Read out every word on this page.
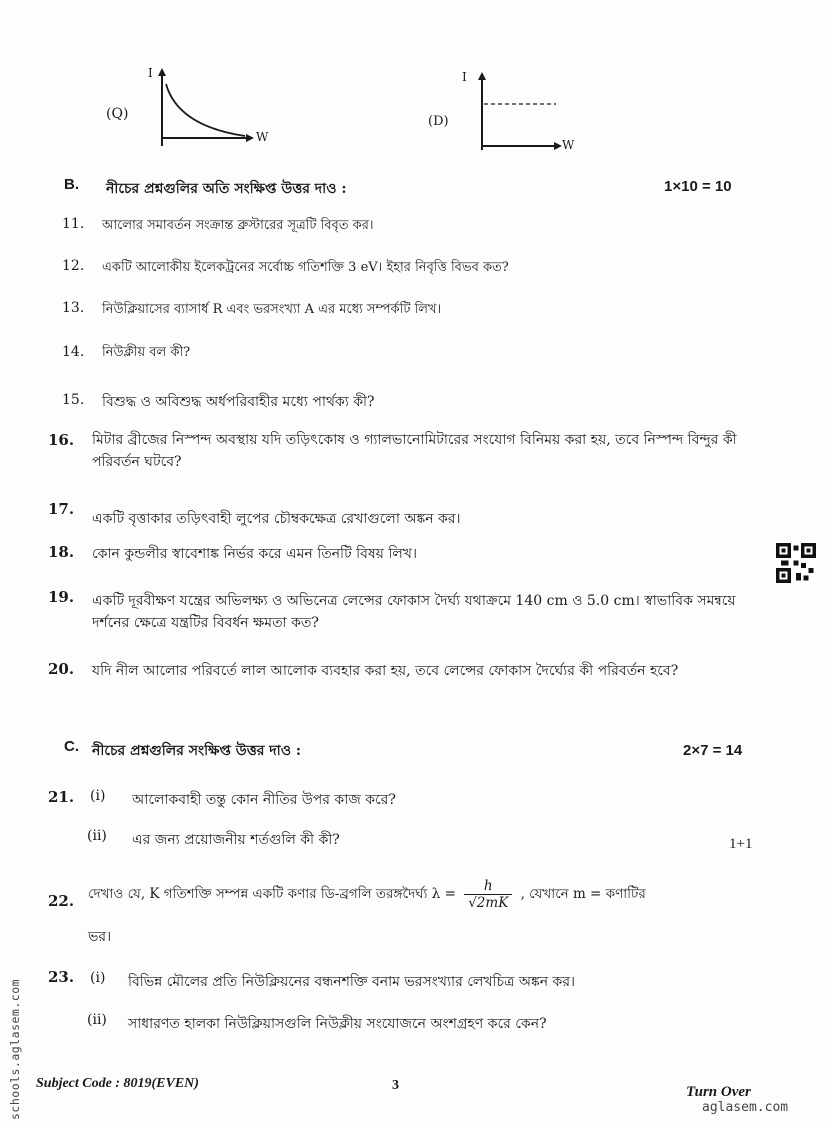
(Q)
I
W
(D)
I
W
B. নীচের প্রশ্নগুলির অতি সংক্ষিপ্ত উত্তর দাও :	1×10 = 10
11. আলোর সমাবর্তন সংক্রান্ত ব্রুস্টারের সূত্রটি বিবৃত কর।
12. একটি আলোকীয় ইলেকট্রনের সর্বোচ্চ গতিশক্তি 3 eV। ইহার নিবৃত্তি বিভব কত?
13. নিউক্লিয়াসের ব্যাসার্ধ R এবং ভরসংখ্যা A এর মধ্যে সম্পর্কটি লিখ।
14. নিউক্লীয় বল কী?
15. বিশুদ্ধ ও অবিশুদ্ধ অর্ধপরিবাহীর মধ্যে পার্থক্য কী?
16. মিটার ব্রীজের নিস্পন্দ অবস্থায় যদি তড়িৎকোষ ও গ্যালভানোমিটারের সংযোগ বিনিময় করা হয়, তবে নিস্পন্দ বিন্দুর কী পরিবর্তন ঘটবে?
17.
একটি বৃত্তাকার তড়িৎবাহী লুপের চৌম্বকক্ষেত্র রেখাগুলো অঙ্কন কর।
18. কোন কুন্ডলীর স্বাবেশাঙ্ক নির্ভর করে এমন তিনটি বিষয় লিখ।
19. একটি দূরবীক্ষণ যন্ত্রের অভিলক্ষ্য ও অভিনেত্র লেন্সের ফোকাস দৈর্ঘ্য যথাক্রমে 140 cm ও 5.0 cm। স্বাভাবিক সমন্বয়ে দর্শনের ক্ষেত্রে যন্ত্রটির বিবর্ধন ক্ষমতা কত?
20. যদি নীল আলোর পরিবর্তে লাল আলোক ব্যবহার করা হয়, তবে লেন্সের ফোকাস দৈর্ঘ্যের কী পরিবর্তন হবে?
C. নীচের প্রশ্নগুলির সংক্ষিপ্ত উত্তর দাও :	2×7 = 14
21. (i) আলোকবাহী তন্তু কোন নীতির উপর কাজ করে?
(ii) এর জন্য প্রয়োজনীয় শর্তগুলি কী কী?	1+1
22. দেখাও যে, K গতিশক্তি সম্পন্ন একটি কণার ডি-ব্রগলি তরঙ্গদৈর্ঘ্য $\lambda = \frac{h}{√2mK}$ , যেখানে m = কণাটির
ভর।
23. (i) বিভিন্ন মৌলের প্রতি নিউক্লিয়নের বন্ধনশক্তি বনাম ভরসংখ্যার লেখচিত্র অঙ্কন কর।
(ii) সাধারণত হালকা নিউক্লিয়াসগুলি নিউক্লীয় সংযোজনে অংশগ্রহণ করে কেন?
Subject Code : 8019(EVEN)	3	Turn Over
schools.aglasem.com	aglasem.com
